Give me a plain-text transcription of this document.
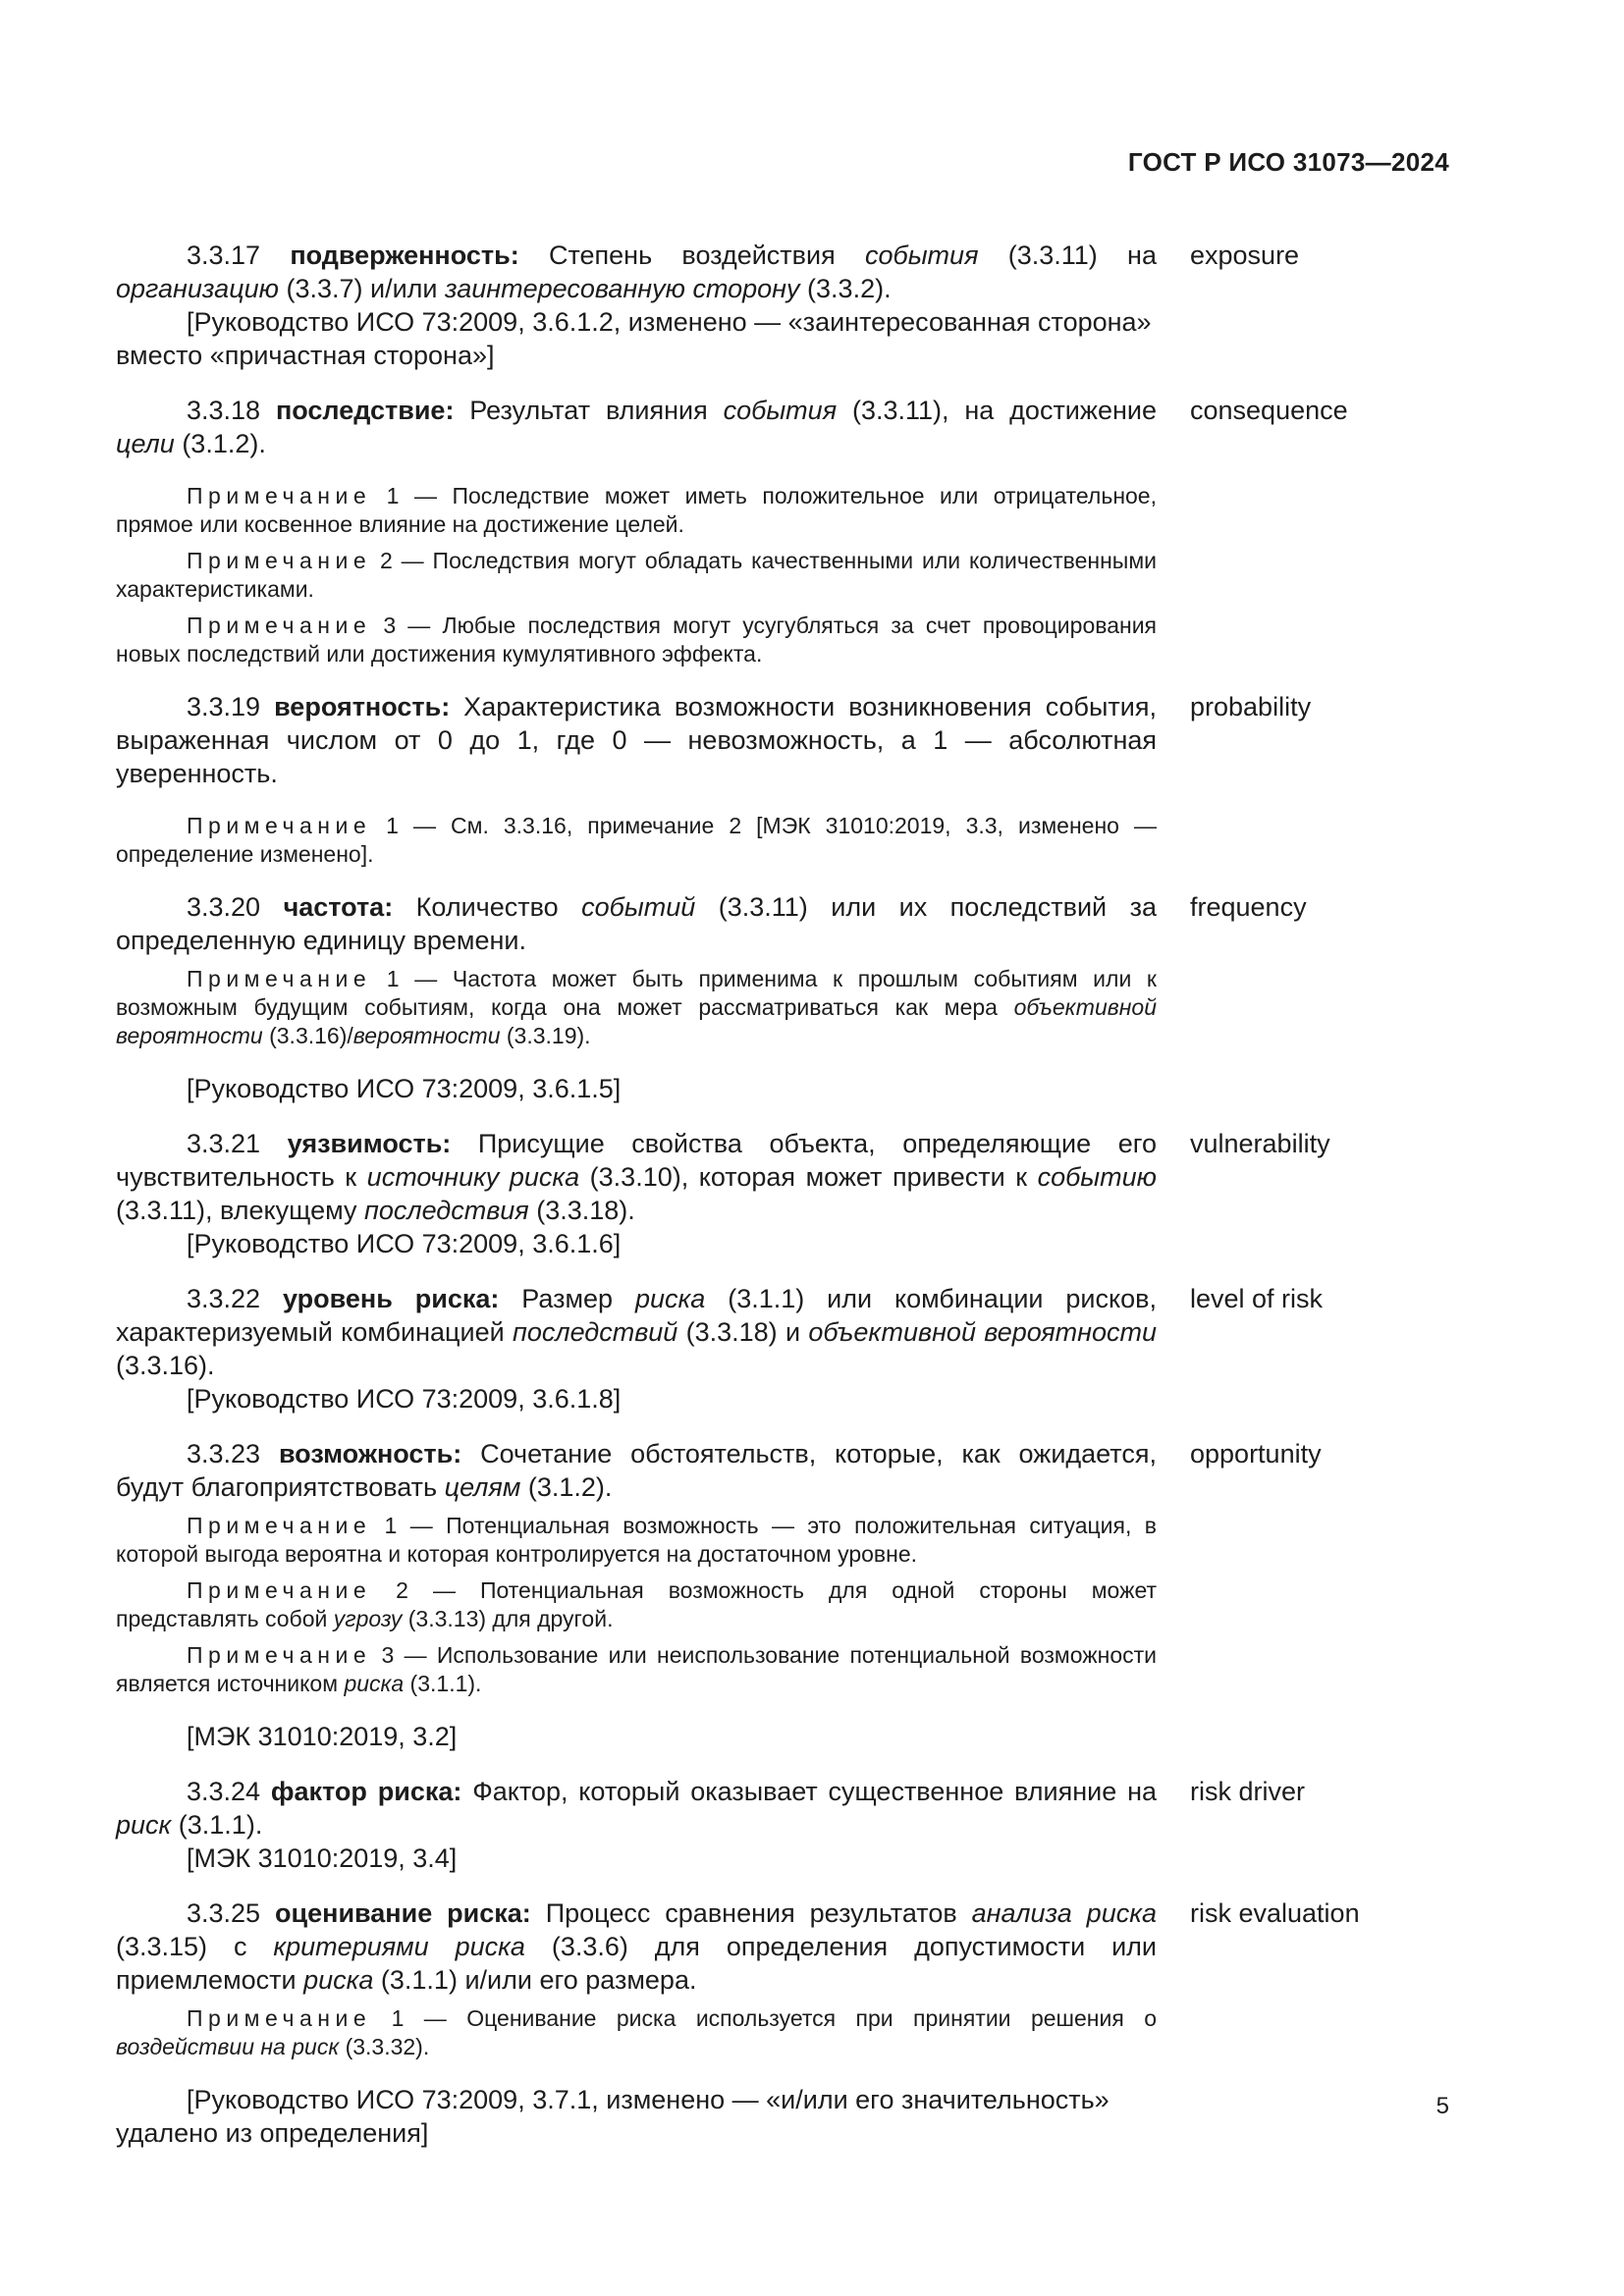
ГОСТ Р ИСО 31073—2024

3.3.17 подверженность: Степень воздействия события (3.3.11) на организацию (3.3.7) и/или заинтересованную сторону (3.3.2).

[Руководство ИСО 73:2009, 3.6.1.2, изменено — «заинтересованная сторона» вместо «причастная сторона»]

exposure

3.3.18 последствие: Результат влияния события (3.3.11), на достижение цели (3.1.2).

Примечание 1 — Последствие может иметь положительное или отрицательное, прямое или косвенное влияние на достижение целей.

Примечание 2 — Последствия могут обладать качественными или количественными характеристиками.

Примечание 3 — Любые последствия могут усугубляться за счет провоцирования новых последствий или достижения кумулятивного эффекта.

consequence

3.3.19 вероятность: Характеристика возможности возникновения события, выраженная числом от 0 до 1, где 0 — невозможность, а 1 — абсолютная уверенность.

Примечание 1 — См. 3.3.16, примечание 2 [МЭК 31010:2019, 3.3, изменено — определение изменено].

probability

3.3.20 частота: Количество событий (3.3.11) или их последствий за определенную единицу времени.

Примечание 1 — Частота может быть применима к прошлым событиям или к возможным будущим событиям, когда она может рассматриваться как мера объективной вероятности (3.3.16)/вероятности (3.3.19).

[Руководство ИСО 73:2009, 3.6.1.5]

frequency

3.3.21 уязвимость: Присущие свойства объекта, определяющие его чувствительность к источнику риска (3.3.10), которая может привести к событию (3.3.11), влекущему последствия (3.3.18).

[Руководство ИСО 73:2009, 3.6.1.6]

vulnerability

3.3.22 уровень риска: Размер риска (3.1.1) или комбинации рисков, характеризуемый комбинацией последствий (3.3.18) и объективной вероятности (3.3.16).

[Руководство ИСО 73:2009, 3.6.1.8]

level of risk

3.3.23 возможность: Сочетание обстоятельств, которые, как ожидается, будут благоприятствовать целям (3.1.2).

Примечание 1 — Потенциальная возможность — это положительная ситуация, в которой выгода вероятна и которая контролируется на достаточном уровне.

Примечание 2 — Потенциальная возможность для одной стороны может представлять собой угрозу (3.3.13) для другой.

Примечание 3 — Использование или неиспользование потенциальной возможности является источником риска (3.1.1).

[МЭК 31010:2019, 3.2]

opportunity

3.3.24 фактор риска: Фактор, который оказывает существенное влияние на риск (3.1.1).

[МЭК 31010:2019, 3.4]

risk driver

3.3.25 оценивание риска: Процесс сравнения результатов анализа риска (3.3.15) с критериями риска (3.3.6) для определения допустимости или приемлемости риска (3.1.1) и/или его размера.

Примечание 1 — Оценивание риска используется при принятии решения о воздействии на риск (3.3.32).

[Руководство ИСО 73:2009, 3.7.1, изменено — «и/или его значительность» удалено из определения]

risk evaluation
5
